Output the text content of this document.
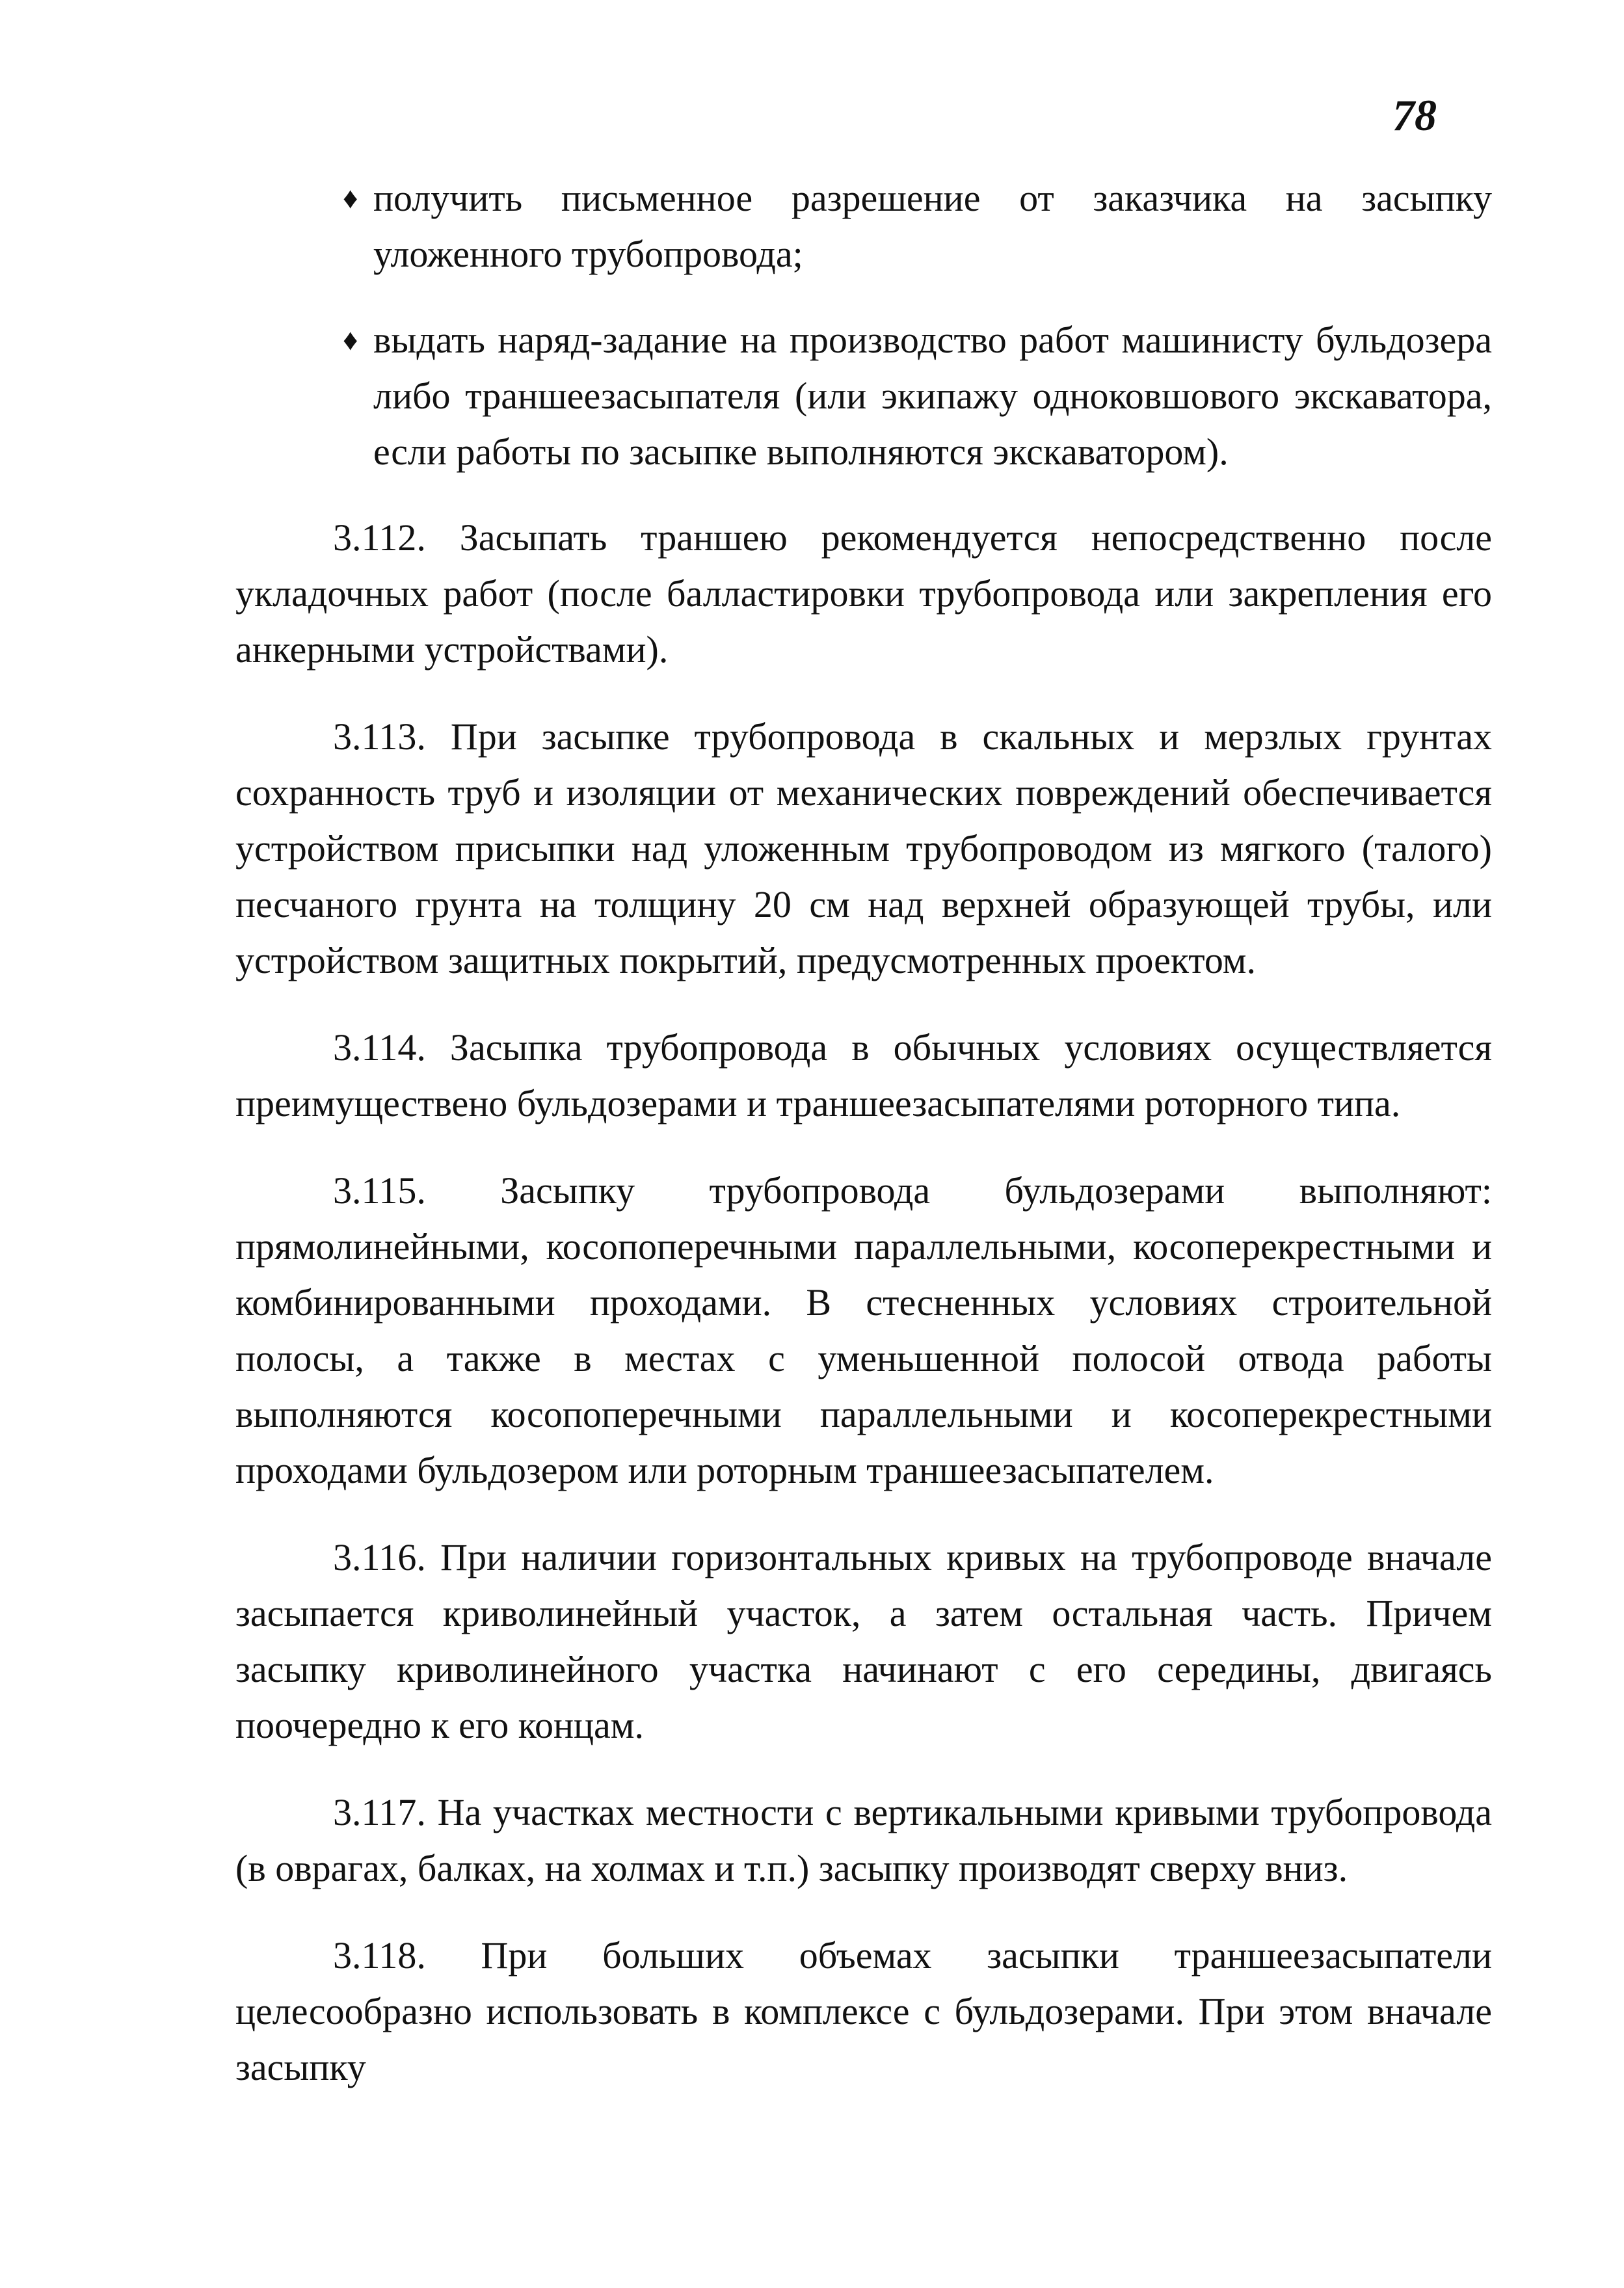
78
♦ получить письменное разрешение от заказчика на засыпку уложенного трубопровода;
♦ выдать наряд-задание на производство работ машинисту бульдозера либо траншеезасыпателя (или экипажу одноковшового экскаватора, если работы по засыпке выполняются экскаватором).

3.112. Засыпать траншею рекомендуется непосредственно после укладочных работ (после балластировки трубопровода или закрепления его анкерными устройствами).

3.113. При засыпке трубопровода в скальных и мерзлых грунтах сохранность труб и изоляции от механических повреждений обеспечивается устройством присыпки над уложенным трубопроводом из мягкого (талого) песчаного грунта на толщину 20 см над верхней образующей трубы, или устройством защитных покрытий, предусмотренных проектом.

3.114. Засыпка трубопровода в обычных условиях осуществляется преимуществено бульдозерами и траншеезасыпателями роторного типа.

3.115. Засыпку трубопровода бульдозерами выполняют: прямолинейными, косопоперечными параллельными, косоперекрестными и комбинированными проходами. В стесненных условиях строительной полосы, а также в местах с уменьшенной полосой отвода работы выполняются косопоперечными параллельными и косоперекрестными проходами бульдозером или роторным траншеезасыпателем.

3.116. При наличии горизонтальных кривых на трубопроводе вначале засыпается криволинейный участок, а затем остальная часть. Причем засыпку криволинейного участка начинают с его середины, двигаясь поочередно к его концам.

3.117. На участках местности с вертикальными кривыми трубопровода (в оврагах, балках, на холмах и т.п.) засыпку производят сверху вниз.

3.118. При больших объемах засыпки траншеезасыпатели целесообразно использовать в комплексе с бульдозерами. При этом вначале засыпку
